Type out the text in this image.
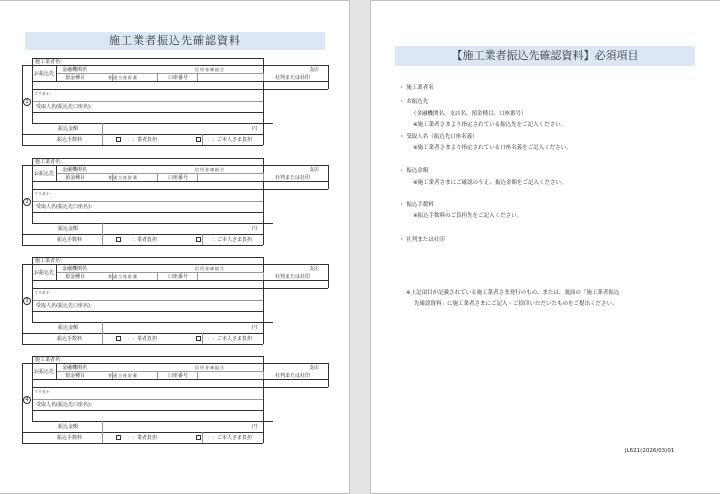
施工業者振込先確認資料
1
施工業者名：
お振込先
金融機関名	信用金庫組合	支店
預金種目	普通当座貯蓄	口座番号	社判または社印
フリガナ：
受取人名(振込先口座名)：
振込金額	円
振込手数料	：業者負担	：ご本人さま負担
2
施工業者名：
お振込先
金融機関名	信用金庫組合	支店
預金種目	普通当座貯蓄	口座番号	社判または社印
フリガナ：
受取人名(振込先口座名)：
振込金額	円
振込手数料	：業者負担	：ご本人さま負担
3
施工業者名：
お振込先
金融機関名	信用金庫組合	支店
預金種目	普通当座貯蓄	口座番号	社判または社印
フリガナ：
受取人名(振込先口座名)：
振込金額	円
振込手数料	：業者負担	：ご本人さま負担
4
施工業者名：
お振込先
金融機関名	信用金庫組合	支店
預金種目	普通当座貯蓄	口座番号	社判または社印
フリガナ：
受取人名(振込先口座名)：
振込金額	円
振込手数料	：業者負担	：ご本人さま負担
【施工業者振込先確認資料】必須項目
・ 施工業者名
・ お振込先
（金融機関名、支店名、預金種目、口座番号）
※施工業者さまより指定されている振込先をご記入ください。
・ 受取人名（振込先口座名義）
※施工業者さまより指定されている口座名義をご記入ください。
・ 振込金額
※施工業者さまにご確認のうえ、振込金額をご記入ください。
・ 振込手数料
※振込手数料のご負担先をご記入ください。
・ 社判または社印
※上記項目が記載されている施工業者さま発行のもの、または、裏面の「施工業者振込
先確認資料」に施工業者さまにご記入・ご捺印いただいたものをご提出ください。
JL621(2026/03)01
